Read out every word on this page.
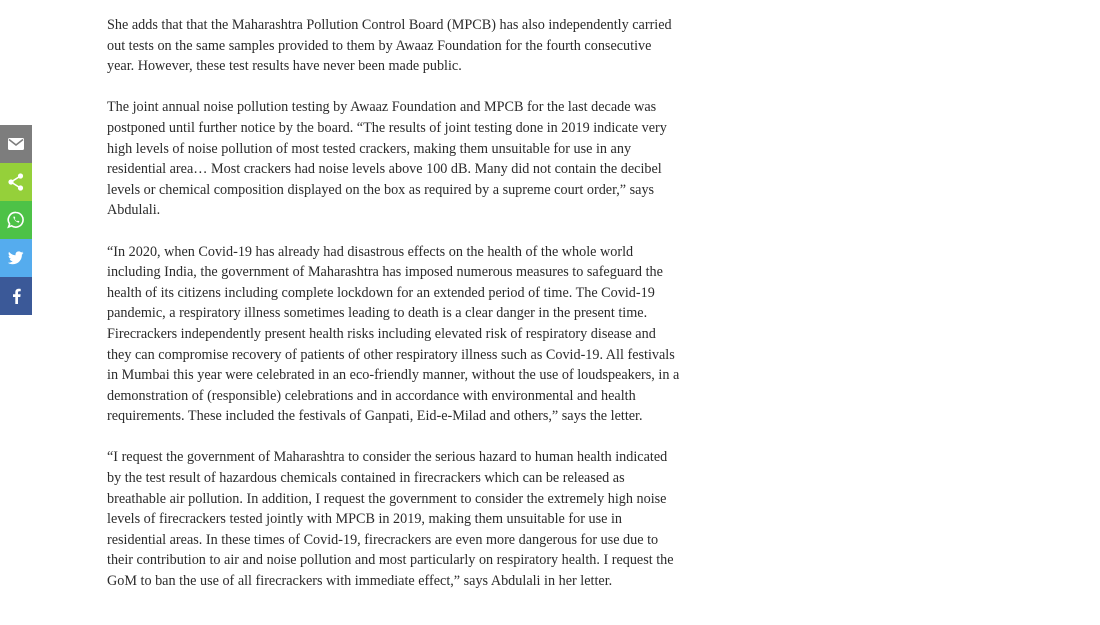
She adds that that the Maharashtra Pollution Control Board (MPCB) has also independently carried out tests on the same samples provided to them by Awaaz Foundation for the fourth consecutive year. However, these test results have never been made public.

The joint annual noise pollution testing by Awaaz Foundation and MPCB for the last decade was postponed until further notice by the board. “The results of joint testing done in 2019 indicate very high levels of noise pollution of most tested crackers, making them unsuitable for use in any residential area… Most crackers had noise levels above 100 dB. Many did not contain the decibel levels or chemical composition displayed on the box as required by a supreme court order,” says Abdulali.

“In 2020, when Covid-19 has already had disastrous effects on the health of the whole world including India, the government of Maharashtra has imposed numerous measures to safeguard the health of its citizens including complete lockdown for an extended period of time. The Covid-19 pandemic, a respiratory illness sometimes leading to death is a clear danger in the present time. Firecrackers independently present health risks including elevated risk of respiratory disease and they can compromise recovery of patients of other respiratory illness such as Covid-19. All festivals in Mumbai this year were celebrated in an eco-friendly manner, without the use of loudspeakers, in a demonstration of (responsible) celebrations and in accordance with environmental and health requirements. These included the festivals of Ganpati, Eid-e-Milad and others,” says the letter.

“I request the government of Maharashtra to consider the serious hazard to human health indicated by the test result of hazardous chemicals contained in firecrackers which can be released as breathable air pollution. In addition, I request the government to consider the extremely high noise levels of firecrackers tested jointly with MPCB in 2019, making them unsuitable for use in residential areas. In these times of Covid-19, firecrackers are even more dangerous for use due to their contribution to air and noise pollution and most particularly on respiratory health. I request the GoM to ban the use of all firecrackers with immediate effect,” says Abdulali in her letter.
